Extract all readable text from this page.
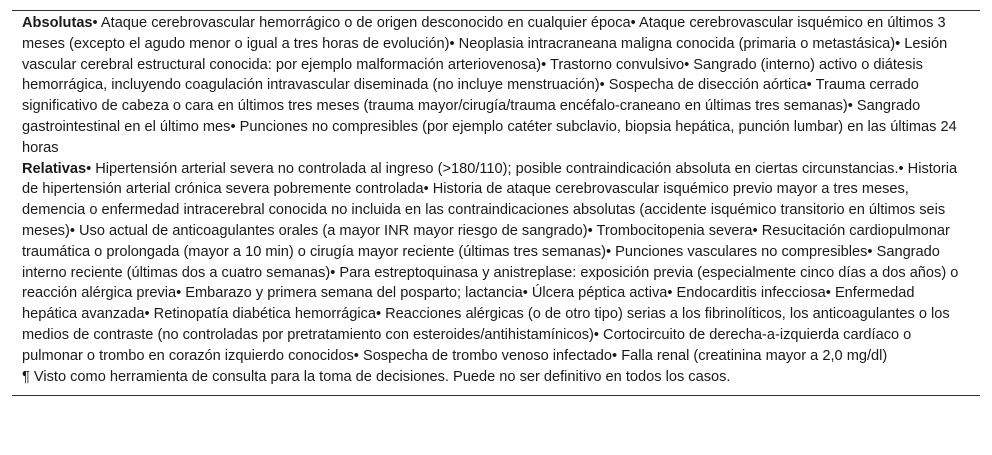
Absolutas• Ataque cerebrovascular hemorrágico o de origen desconocido en cualquier época• Ataque cerebrovascular isquémico en últimos 3 meses (excepto el agudo menor o igual a tres horas de evolución)• Neoplasia intracraneana maligna conocida (primaria o metastásica)• Lesión vascular cerebral estructural conocida: por ejemplo malformación arteriovenosa)• Trastorno convulsivo• Sangrado (interno) activo o diátesis hemorrágica, incluyendo coagulación intravascular diseminada (no incluye menstruación)• Sospecha de disección aórtica• Trauma cerrado significativo de cabeza o cara en últimos tres meses (trauma mayor/cirugía/trauma encéfalo-craneano en últimas tres semanas)• Sangrado gastrointestinal en el último mes• Punciones no compresibles (por ejemplo catéter subclavio, biopsia hepática, punción lumbar) en las últimas 24 horas

Relativas• Hipertensión arterial severa no controlada al ingreso (>180/110); posible contraindicación absoluta en ciertas circunstancias.• Historia de hipertensión arterial crónica severa pobremente controlada• Historia de ataque cerebrovascular isquémico previo mayor a tres meses, demencia o enfermedad intracerebral conocida no incluida en las contraindicaciones absolutas (accidente isquémico transitorio en últimos seis meses)• Uso actual de anticoagulantes orales (a mayor INR mayor riesgo de sangrado)• Trombocitopenia severa• Resucitación cardiopulmonar traumática o prolongada (mayor a 10 min) o cirugía mayor reciente (últimas tres semanas)• Punciones vasculares no compresibles• Sangrado interno reciente (últimas dos a cuatro semanas)• Para estreptoquinasa y anistreplase: exposición previa (especialmente cinco días a dos años) o reacción alérgica previa• Embarazo y primera semana del posparto; lactancia• Úlcera péptica activa• Endocarditis infecciosa• Enfermedad hepática avanzada• Retinopatía diabética hemorrágica• Reacciones alérgicas (o de otro tipo) serias a los fibrinolíticos, los anticoagulantes o los medios de contraste (no controladas por pretratamiento con esteroides/antihistamínicos)• Cortocircuito de derecha-a-izquierda cardíaco o pulmonar o trombo en corazón izquierdo conocidos• Sospecha de trombo venoso infectado• Falla renal (creatinina mayor a 2,0 mg/dl)

¶ Visto como herramienta de consulta para la toma de decisiones. Puede no ser definitivo en todos los casos.
